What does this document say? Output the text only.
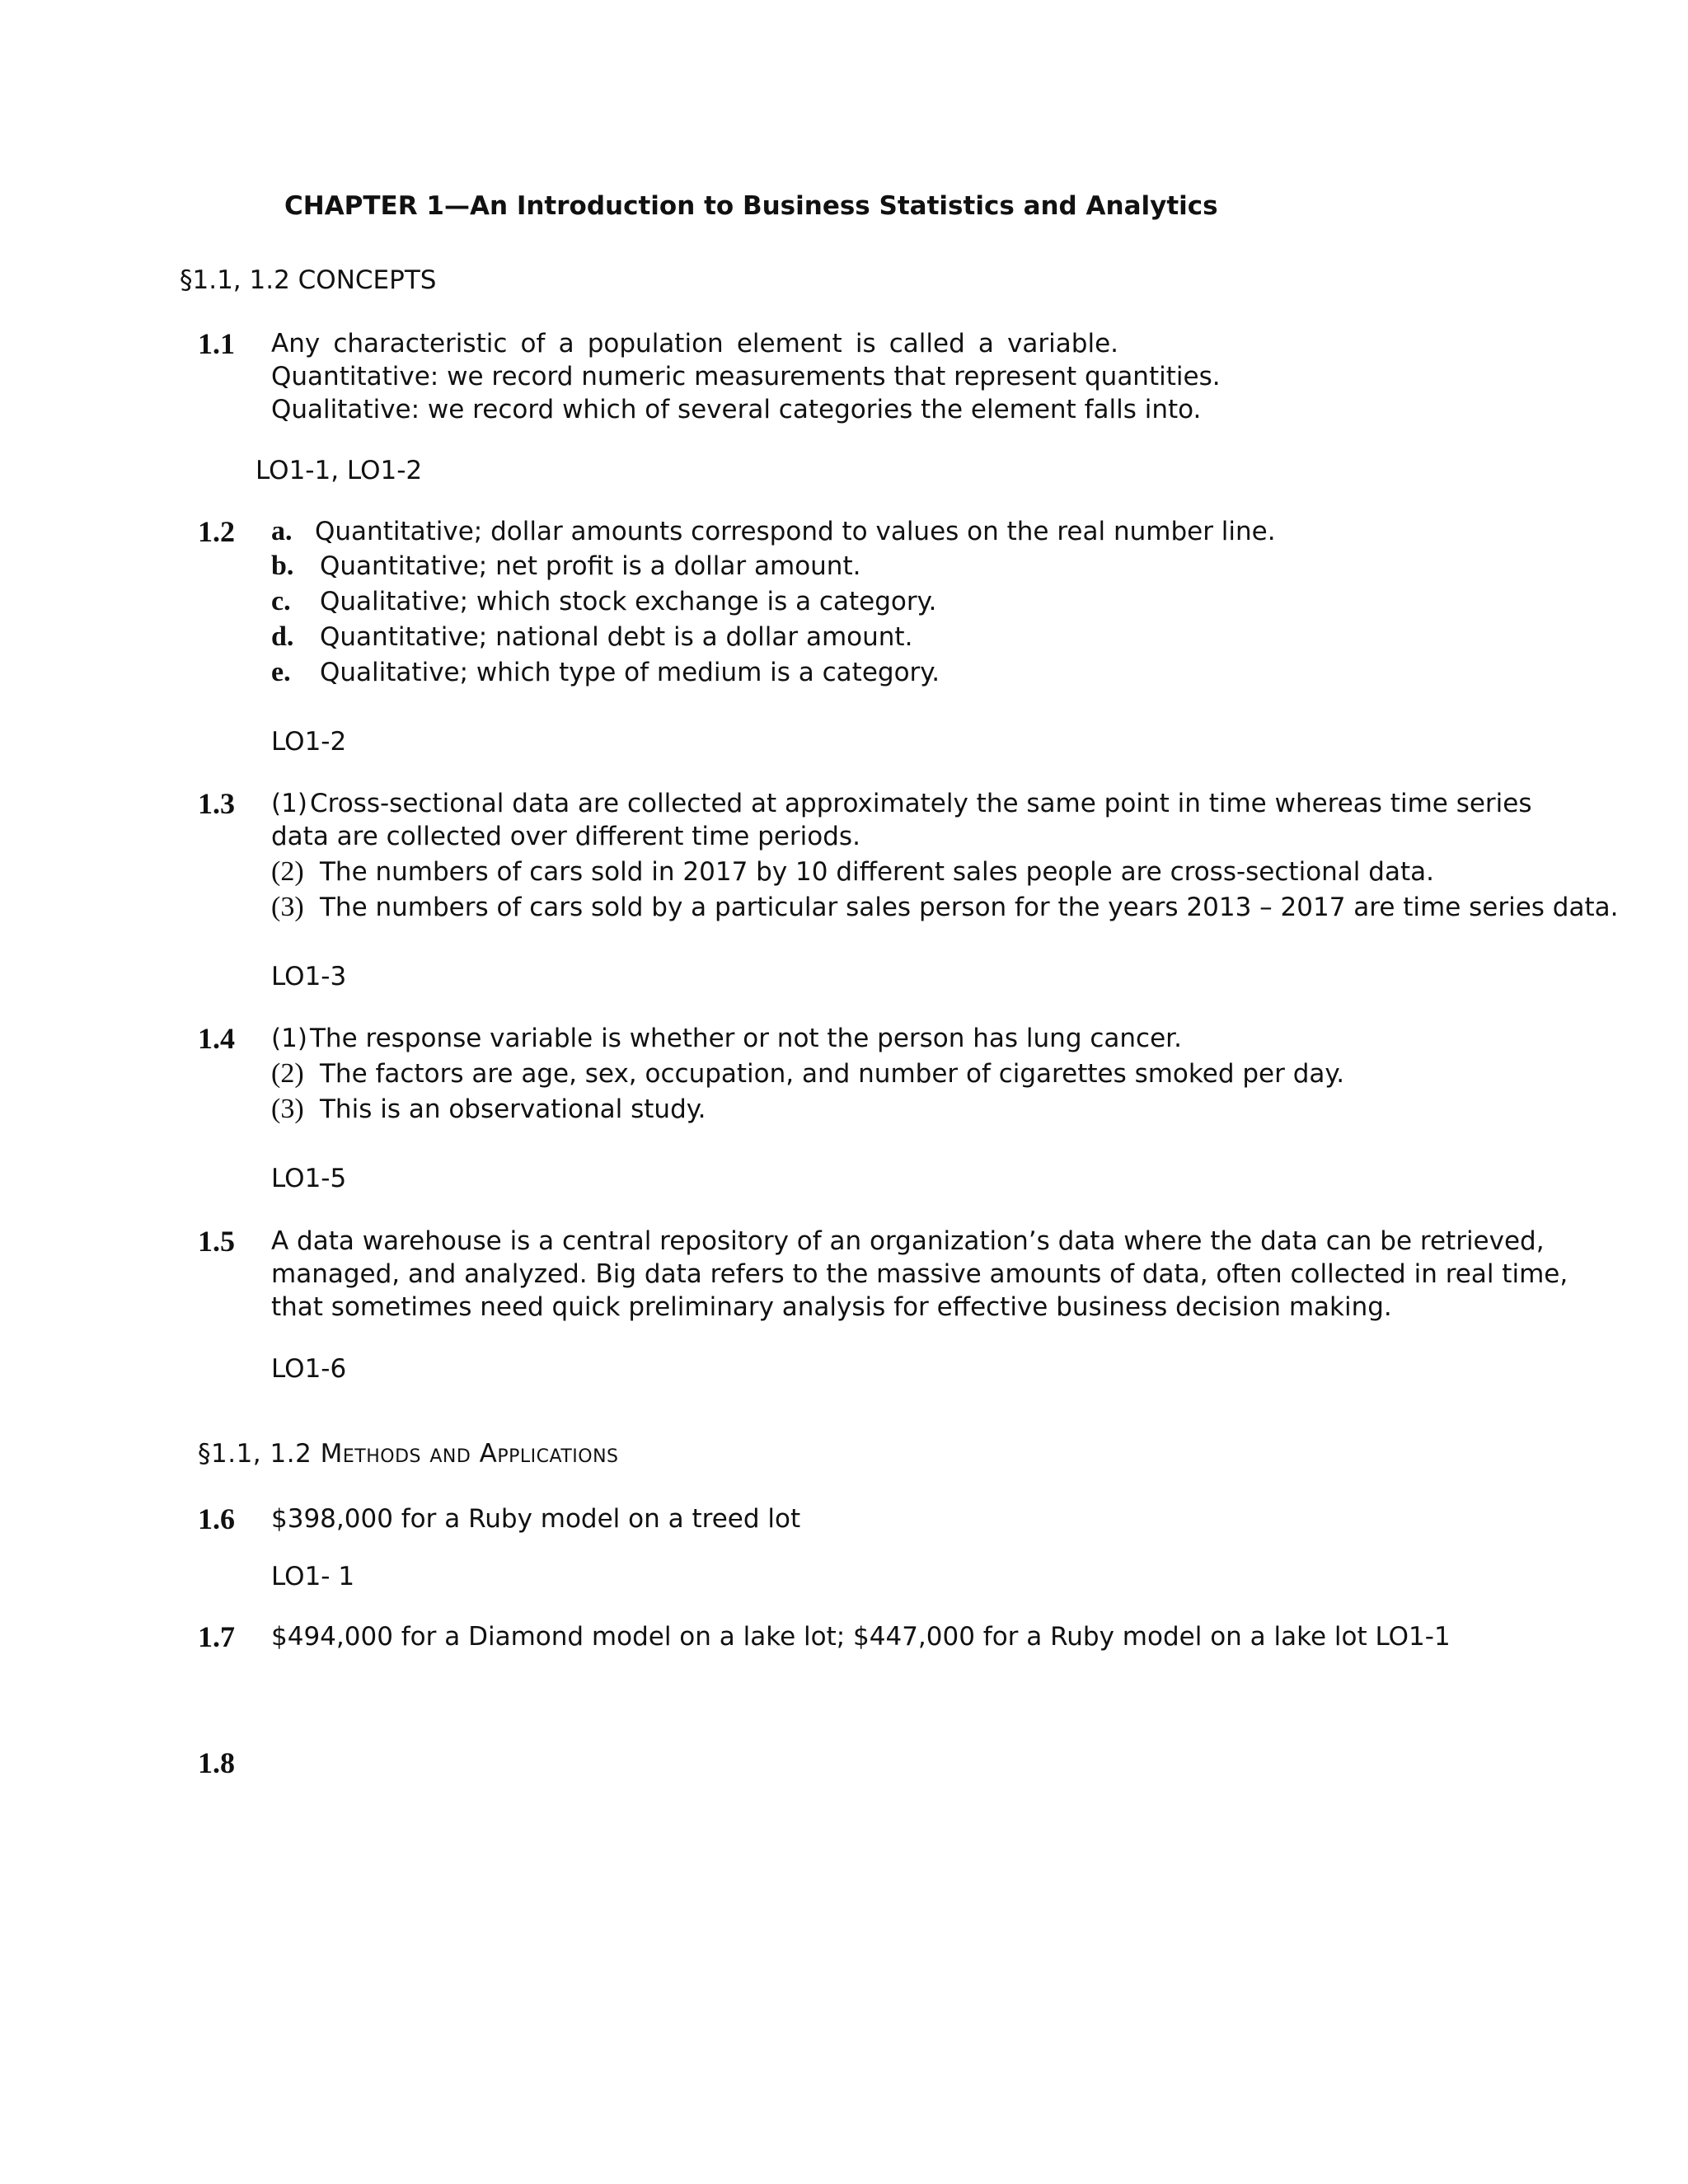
CHAPTER 1—An Introduction to Business Statistics and Analytics
§1.1, 1.2 CONCEPTS
1.1 Any characteristic of a population element is called a variable.
Quantitative: we record numeric measurements that represent quantities.
Qualitative: we record which of several categories the element falls into.
LO1-1, LO1-2
1.2 a. Quantitative; dollar amounts correspond to values on the real number line.
b. Quantitative; net profit is a dollar amount.
c. Qualitative; which stock exchange is a category.
d. Quantitative; national debt is a dollar amount.
e. Qualitative; which type of medium is a category.
LO1-2
1.3 (1)Cross-sectional data are collected at approximately the same point in time whereas time series
data are collected over different time periods.
(2) The numbers of cars sold in 2017 by 10 different sales people are cross-sectional data.
(3) The numbers of cars sold by a particular sales person for the years 2013 – 2017 are time series data.
LO1-3
1.4 (1)The response variable is whether or not the person has lung cancer.
(2) The factors are age, sex, occupation, and number of cigarettes smoked per day.
(3) This is an observational study.
LO1-5
1.5 A data warehouse is a central repository of an organization’s data where the data can be retrieved,
managed, and analyzed. Big data refers to the massive amounts of data, often collected in real time,
that sometimes need quick preliminary analysis for effective business decision making.
LO1-6
§1.1, 1.2 Methods and Applications
1.6 $398,000 for a Ruby model on a treed lot
LO1- 1
1.7 $494,000 for a Diamond model on a lake lot; $447,000 for a Ruby model on a lake lot LO1-1
1.8
